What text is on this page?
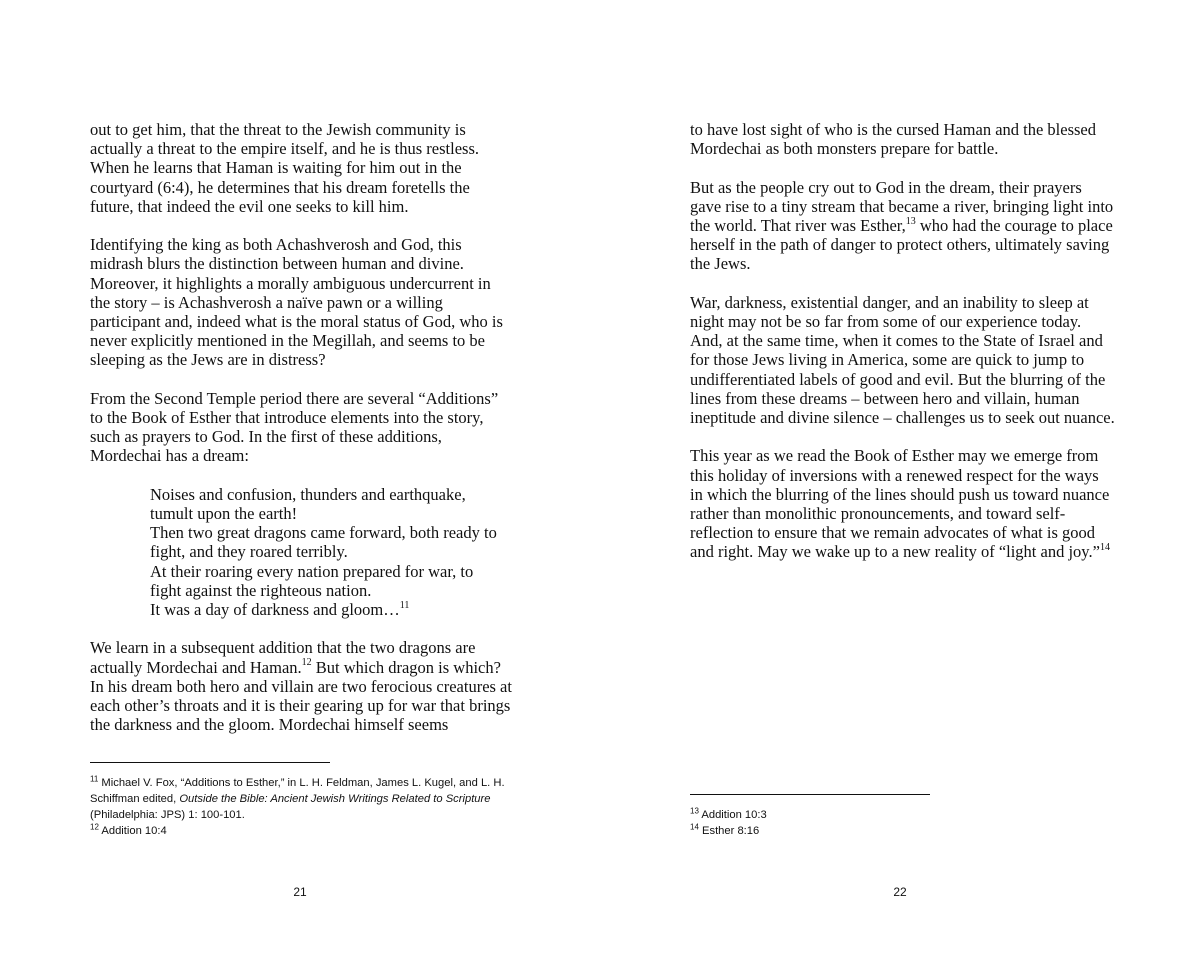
out to get him, that the threat to the Jewish community is actually a threat to the empire itself, and he is thus restless. When he learns that Haman is waiting for him out in the courtyard (6:4), he determines that his dream foretells the future, that indeed the evil one seeks to kill him.

Identifying the king as both Achashverosh and God, this midrash blurs the distinction between human and divine. Moreover, it highlights a morally ambiguous undercurrent in the story – is Achashverosh a naïve pawn or a willing participant and, indeed what is the moral status of God, who is never explicitly mentioned in the Megillah, and seems to be sleeping as the Jews are in distress?

From the Second Temple period there are several “Additions” to the Book of Esther that introduce elements into the story, such as prayers to God. In the first of these additions, Mordechai has a dream:

Noises and confusion, thunders and earthquake,
tumult upon the earth!
Then two great dragons came forward, both ready to
fight, and they roared terribly.
At their roaring every nation prepared for war, to
fight against the righteous nation.
It was a day of darkness and gloom…$^{11}$

We learn in a subsequent addition that the two dragons are actually Mordechai and Haman.$^{12}$ But which dragon is which? In his dream both hero and villain are two ferocious creatures at each other’s throats and it is their gearing up for war that brings the darkness and the gloom. Mordechai himself seems

$^{11}$ Michael V. Fox, “Additions to Esther,” in L. H. Feldman, James L. Kugel, and L. H. Schiffman edited, Outside the Bible: Ancient Jewish Writings Related to Scripture (Philadelphia: JPS) 1: 100-101.

$^{12}$ Addition 10:4

21

to have lost sight of who is the cursed Haman and the blessed Mordechai as both monsters prepare for battle.

But as the people cry out to God in the dream, their prayers gave rise to a tiny stream that became a river, bringing light into the world. That river was Esther,$^{13}$ who had the courage to place herself in the path of danger to protect others, ultimately saving the Jews.

War, darkness, existential danger, and an inability to sleep at night may not be so far from some of our experience today. And, at the same time, when it comes to the State of Israel and for those Jews living in America, some are quick to jump to undifferentiated labels of good and evil. But the blurring of the lines from these dreams – between hero and villain, human ineptitude and divine silence – challenges us to seek out nuance.

This year as we read the Book of Esther may we emerge from this holiday of inversions with a renewed respect for the ways in which the blurring of the lines should push us toward nuance rather than monolithic pronouncements, and toward self-reflection to ensure that we remain advocates of what is good and right. May we wake up to a new reality of “light and joy.”$^{14}$

$^{13}$ Addition 10:3

$^{14}$ Esther 8:16

22
